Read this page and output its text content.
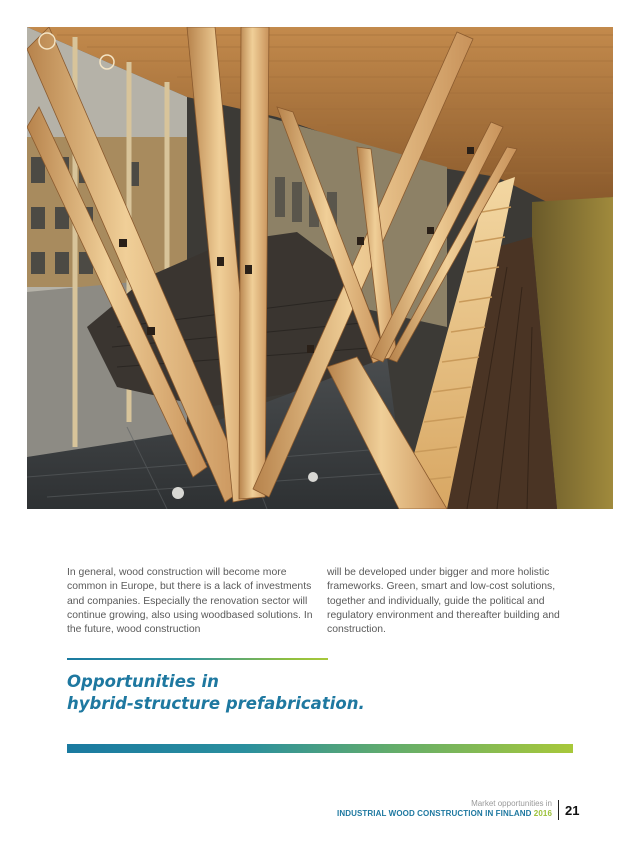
In general, wood construction will become more common in Europe, but there is a lack of investments and companies. Especially the renovation sector will continue growing, also using woodbased solutions. In the future, wood construction

will be developed under bigger and more holistic frameworks. Green, smart and low-cost solutions, together and individually, guide the political and regulatory environment and thereafter building and construction.

Opportunities in
hybrid-structure prefabrication.
Market opportunities in
INDUSTRIAL WOOD CONSTRUCTION IN FINLAND 2016 21
